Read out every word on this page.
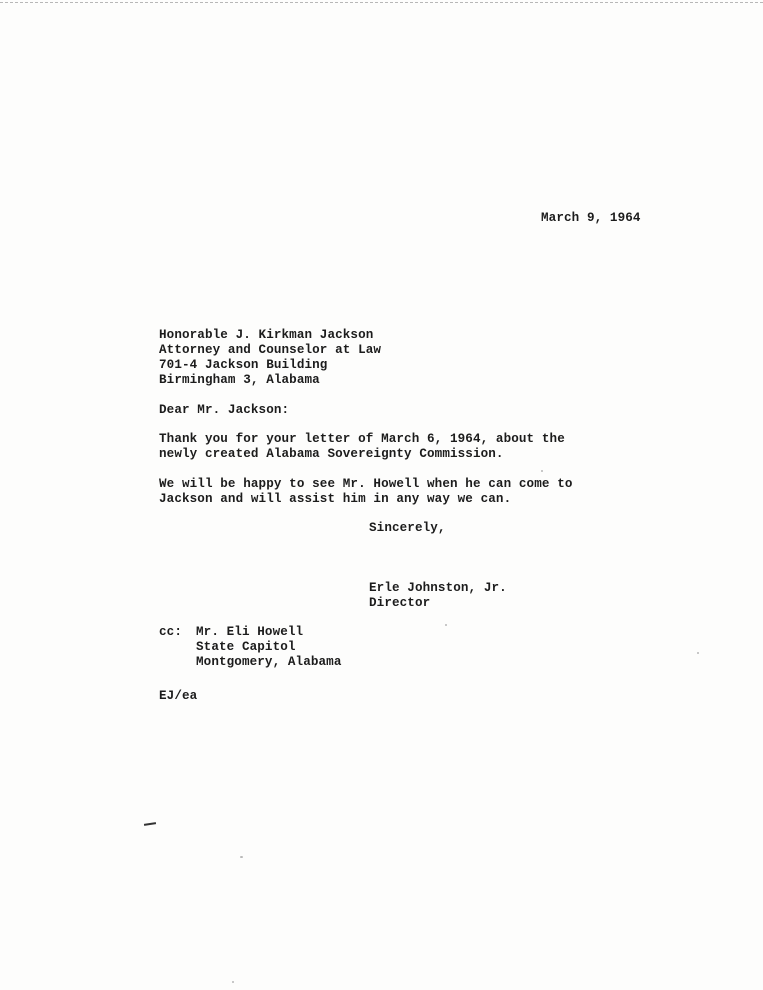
March 9, 1964
Honorable J. Kirkman Jackson
Attorney and Counselor at Law
701-4 Jackson Building
Birmingham 3, Alabama
Dear Mr. Jackson:
Thank you for your letter of March 6, 1964, about the
newly created Alabama Sovereignty Commission.
We will be happy to see Mr. Howell when he can come to
Jackson and will assist him in any way we can.
Sincerely,
Erle Johnston, Jr.
Director
cc: Mr. Eli Howell
State Capitol
Montgomery, Alabama
EJ/ea
